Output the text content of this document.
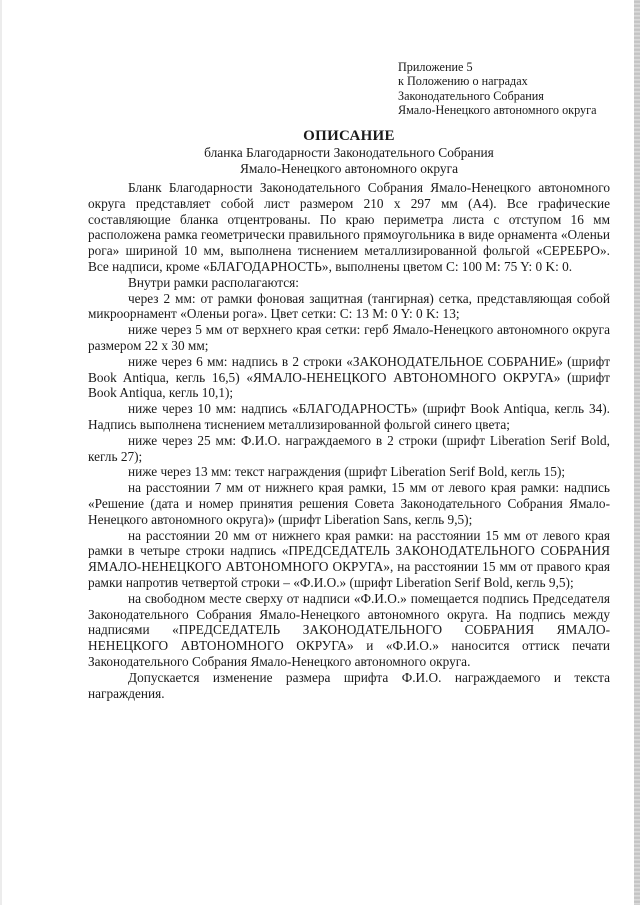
Приложение 5
к Положению о наградах
Законодательного Собрания
Ямало-Ненецкого автономного округа
ОПИСАНИЕ
бланка Благодарности Законодательного Собрания
Ямало-Ненецкого автономного округа

Бланк Благодарности Законодательного Собрания Ямало-Ненецкого автономного округа представляет собой лист размером 210 х 297 мм (А4). Все графические составляющие бланка отцентрованы. По краю периметра листа с отступом 16 мм расположена рамка геометрически правильного прямоугольника в виде орнамента «Оленьи рога» шириной 10 мм, выполнена тиснением металлизированной фольгой «СЕРЕБРО». Все надписи, кроме «БЛАГОДАРНОСТЬ», выполнены цветом С: 100 M: 75 Y: 0 K: 0.

Внутри рамки располагаются:

через 2 мм: от рамки фоновая защитная (тангирная) сетка, представляющая собой микроорнамент «Оленьи рога». Цвет сетки: С: 13 M: 0 Y: 0 K: 13;

ниже через 5 мм от верхнего края сетки: герб Ямало-Ненецкого автономного округа размером 22 х 30 мм;

ниже через 6 мм: надпись в 2 строки «ЗАКОНОДАТЕЛЬНОЕ СОБРАНИЕ» (шрифт Book Antiqua, кегль 16,5) «ЯМАЛО-НЕНЕЦКОГО АВТОНОМНОГО ОКРУГА» (шрифт Book Antiqua, кегль 10,1);

ниже через 10 мм: надпись «БЛАГОДАРНОСТЬ» (шрифт Book Antiqua, кегль 34). Надпись выполнена тиснением металлизированной фольгой синего цвета;

ниже через 25 мм: Ф.И.О. награждаемого в 2 строки (шрифт Liberation Serif Bold, кегль 27);

ниже через 13 мм: текст награждения (шрифт Liberation Serif Bold, кегль 15);

на расстоянии 7 мм от нижнего края рамки, 15 мм от левого края рамки: надпись «Решение (дата и номер принятия решения Совета Законодательного Собрания Ямало-Ненецкого автономного округа)» (шрифт Liberation Sans, кегль 9,5);

на расстоянии 20 мм от нижнего края рамки: на расстоянии 15 мм от левого края рамки в четыре строки надпись «ПРЕДСЕДАТЕЛЬ ЗАКОНОДАТЕЛЬНОГО СОБРАНИЯ ЯМАЛО-НЕНЕЦКОГО АВТОНОМНОГО ОКРУГА», на расстоянии 15 мм от правого края рамки напротив четвертой строки – «Ф.И.О.» (шрифт Liberation Serif Bold, кегль 9,5);

на свободном месте сверху от надписи «Ф.И.О.» помещается подпись Председателя Законодательного Собрания Ямало-Ненецкого автономного округа. На подпись между надписями «ПРЕДСЕДАТЕЛЬ ЗАКОНОДАТЕЛЬНОГО СОБРАНИЯ ЯМАЛО-НЕНЕЦКОГО АВТОНОМНОГО ОКРУГА» и «Ф.И.О.» наносится оттиск печати Законодательного Собрания Ямало-Ненецкого автономного округа.

Допускается изменение размера шрифта Ф.И.О. награждаемого и текста награждения.
